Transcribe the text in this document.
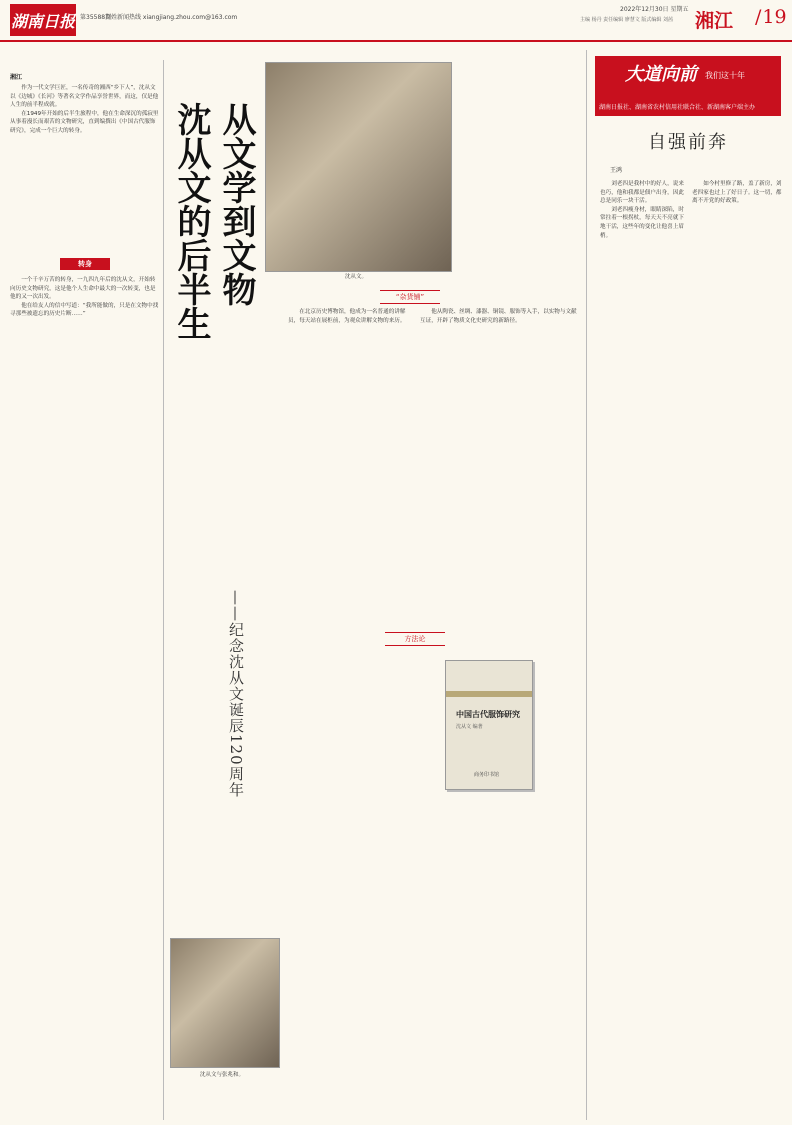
湖南日报 第35588期
百姓新闻热线 xiangjiang.zhou.com@163.com
2022年12月30日 星期五
主编 杨丹 责任编辑 廖慧文 版式编辑 刘茜 湘江
/	19
湘江

作为一代文学巨匠，一名传奇的湘西“乡下人”，沈从文以《边城》《长河》等著名文学作品享誉世界，而这，仅是他人生的前半程成就。

在1949年开始的后半生旅程中，他在生命深沉的孤寂里从事着漫长而艰苦的文物研究，直到编撰出《中国古代服饰研究》，完成一个巨大的转身。

转身

一个千辛万苦的转身，一九四九年后的沈从文，开始转向历史文物研究，这是他个人生命中最大的一次转变，也是他的又一次出发。

他在给友人的信中写道：“我所能做的，只是在文物中找寻那些被遗忘的历史片断……”

从文学到文物
沈从文的后半生
——纪念沈从文诞辰120周年
沈从文。
沈从文与张兆和。
“杂货铺”
方法论

在北京历史博物馆，他成为一名普通的讲解员，每天站在展柜前，为观众讲解文物的来历。

他从陶瓷、丝绸、漆器、铜镜、服饰等入手，以实物与文献互证，开辟了物质文化史研究的新路径。

中国古代服饰研究
沈从文 编著
商务印书馆
大道向前 我们这十年
湖南日报社、湖南省农村信用社联合社、新湖南客户端主办
自强前奔
王鸿

刘老四是我村中的好人，说来也巧，他和我都是佃户出身，因此总是同乐一块干活。

刘老四瘦身材，眼睛深陷，时常拄着一根拐杖，每天天不亮就下地干活，这些年的变化让他喜上眉梢。

如今村里修了路，盖了新房，刘老四家也过上了好日子。这一切，都离不开党的好政策。
